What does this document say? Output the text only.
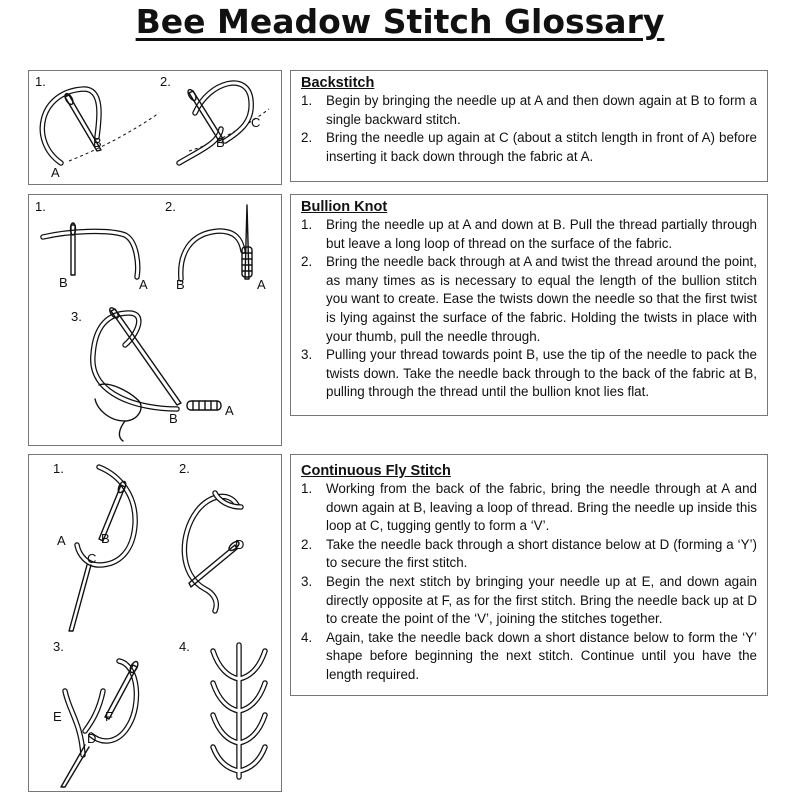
Bee Meadow Stitch Glossary
1.	2.
A
B	B
C
Backstitch
1. Begin by bringing the needle up at A and then down again at B to form a single backward stitch.
2. Bring the needle up again at C (about a stitch length in front of A) before inserting it back down through the fabric at A.
1.	2.
3.
B	A B	A
B
A
Bullion Knot
1. Bring the needle up at A and down at B. Pull the thread partially through but leave a long loop of thread on the surface of the fabric.
2. Bring the needle back through at A and twist the thread around the point, as many times as is necessary to equal the length of the bullion stitch you want to create. Ease the twists down the needle so that the first twist is lying against the surface of the fabric. Holding the twists in place with your thumb, pull the needle through.
3. Pulling your thread towards point B, use the tip of the needle to pack the twists down. Take the needle back through to the back of the fabric at B, pulling through the thread until the bullion knot lies flat.
1.	2.
3.	4.
A	B
C
D
E	F
D
Continuous Fly Stitch
1. Working from the back of the fabric, bring the needle through at A and down again at B, leaving a loop of thread. Bring the needle up inside this loop at C, tugging gently to form a ‘V’.
2. Take the needle back through a short distance below at D (forming a ‘Y’) to secure the first stitch.
3. Begin the next stitch by bringing your needle up at E, and down again directly opposite at F, as for the first stitch. Bring the needle back up at D to create the point of the ‘V’, joining the stitches together.
4. Again, take the needle back down a short distance below to form the ‘Y’ shape before beginning the next stitch. Continue until you have the length required.
